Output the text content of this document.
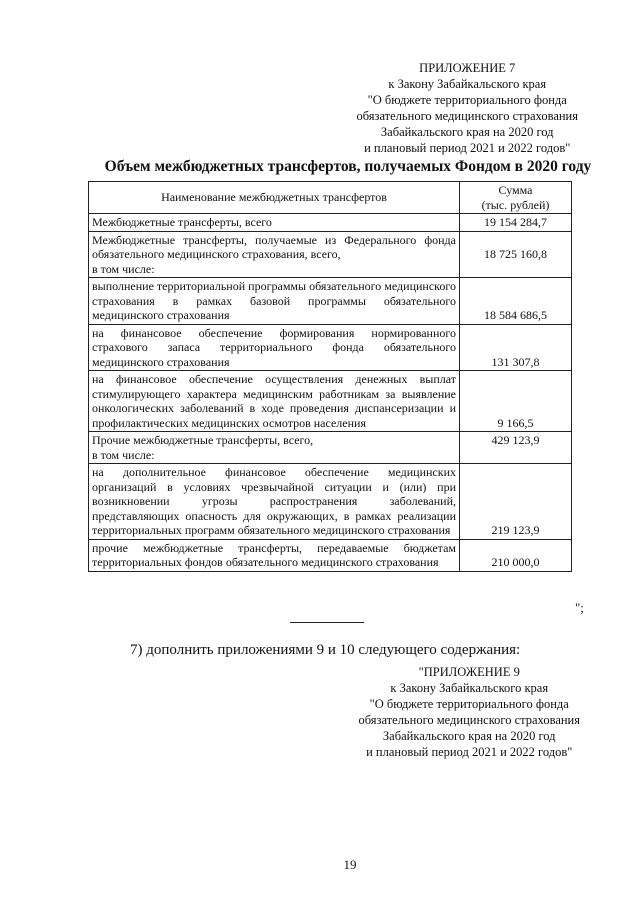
ПРИЛОЖЕНИЕ 7
к Закону Забайкальского края
"О бюджете территориального фонда
обязательного медицинского страхования
Забайкальского края на 2020 год
и плановый период 2021 и 2022 годов"
Объем межбюджетных трансфертов, получаемых Фондом в 2020 году
Наименование межбюджетных трансфертов	Сумма
(тыс. рублей)

Межбюджетные трансферты, всего	19 154 284,7

Межбюджетные трансферты, получаемые из Федерального фонда обязательного медицинского страхования, всего,
в том числе:	18 725 160,8
выполнение территориальной программы обязательного медицинского страхования в рамках базовой программы обязательного медицинского страхования	18 584 686,5
на финансовое обеспечение формирования нормированного страхового запаса территориального фонда обязательного медицинского страхования	131 307,8
на финансовое обеспечение осуществления денежных выплат стимулирующего характера медицинским работникам за выявление онкологических заболеваний в ходе проведения диспансеризации и профилактических медицинских осмотров населения	9 166,5

Прочие межбюджетные трансферты, всего,
в том числе:	429 123,9
на дополнительное финансовое обеспечение медицинских организаций в условиях чрезвычайной ситуации и (или) при возникновении угрозы распространения заболеваний, представляющих опасность для окружающих, в рамках реализации территориальных программ обязательного медицинского страхования	219 123,9
прочие межбюджетные трансферты, передаваемые бюджетам территориальных фондов обязательного медицинского страхования	210 000,0
";
7) дополнить приложениями 9 и 10 следующего содержания:
"ПРИЛОЖЕНИЕ 9
к Закону Забайкальского края
"О бюджете территориального фонда
обязательного медицинского страхования
Забайкальского края на 2020 год
и плановый период 2021 и 2022 годов"
19
